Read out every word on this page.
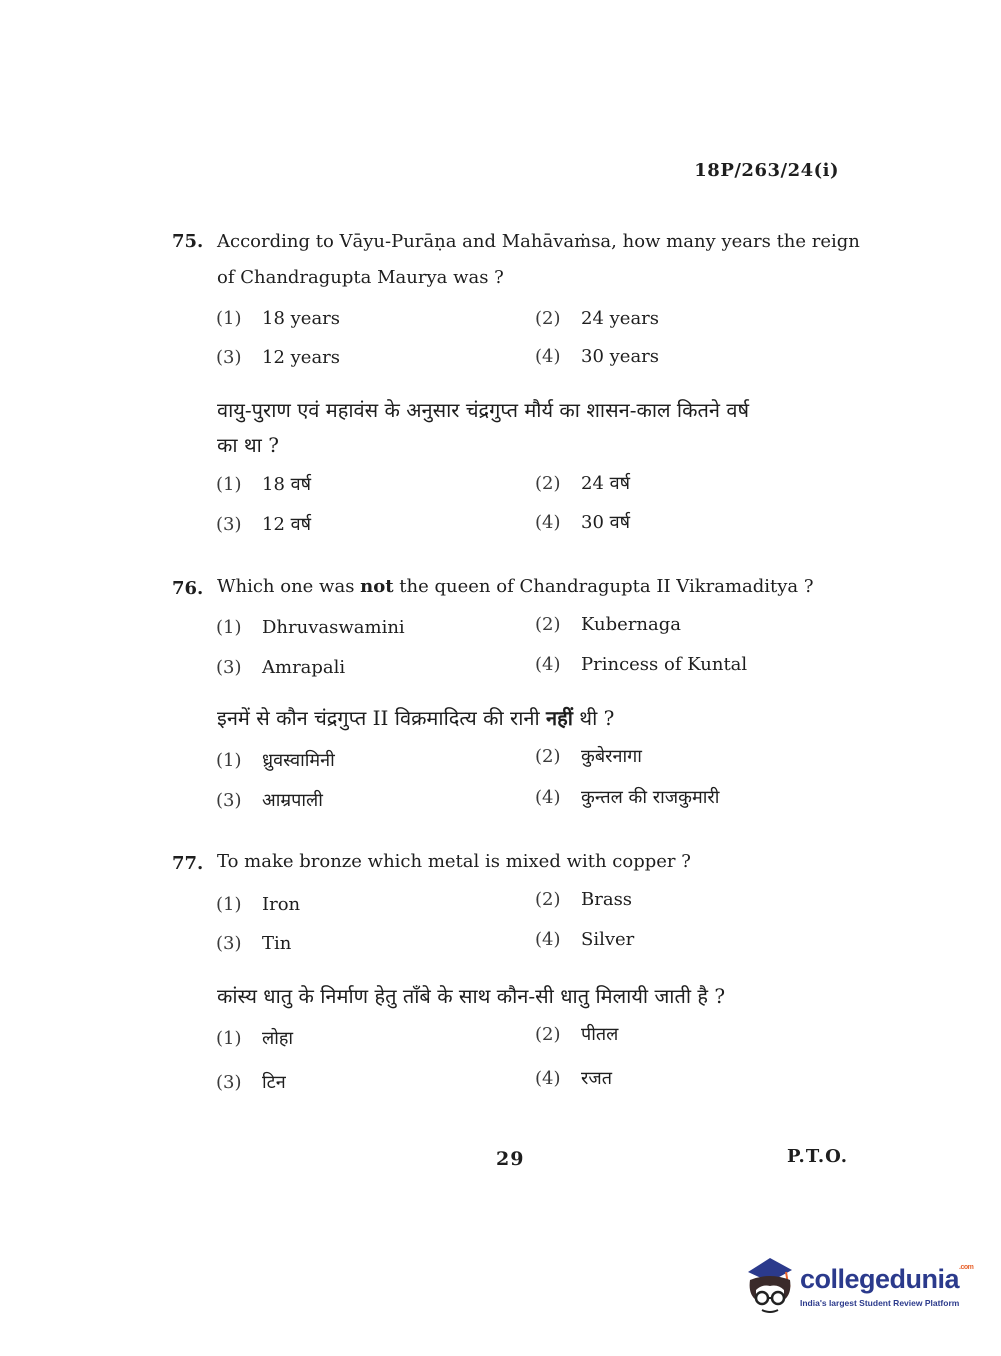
18P/263/24(i)
75. According to Vāyu-Purāṇa and Mahāvaṁsa, how many years the reign
of Chandragupta Maurya was ?
(1) 18 years	(2) 24 years
(3) 12 years	(4) 30 years
वायु-पुराण एवं महावंस के अनुसार चंद्रगुप्त मौर्य का शासन-काल कितने वर्ष
का था ?
(1) 18 वर्ष	(2) 24 वर्ष
(3) 12 वर्ष	(4) 30 वर्ष
76. Which one was not the queen of Chandragupta II Vikramaditya ?
(1) Dhruvaswamini	(2) Kubernaga
(3) Amrapali	(4) Princess of Kuntal
इनमें से कौन चंद्रगुप्त II विक्रमादित्य की रानी नहीं थी ?
(1) ध्रुवस्वामिनी	(2) कुबेरनागा
(3) आम्रपाली	(4) कुन्तल की राजकुमारी
77. To make bronze which metal is mixed with copper ?
(1) Iron	(2) Brass
(3) Tin	(4) Silver
कांस्य धातु के निर्माण हेतु ताँबे के साथ कौन-सी धातु मिलायी जाती है ?
(1) लोहा	(2) पीतल
(3) टिन	(4) रजत
29	P.T.O.
collegedunia$^{.com}$
India's largest Student Review Platform
